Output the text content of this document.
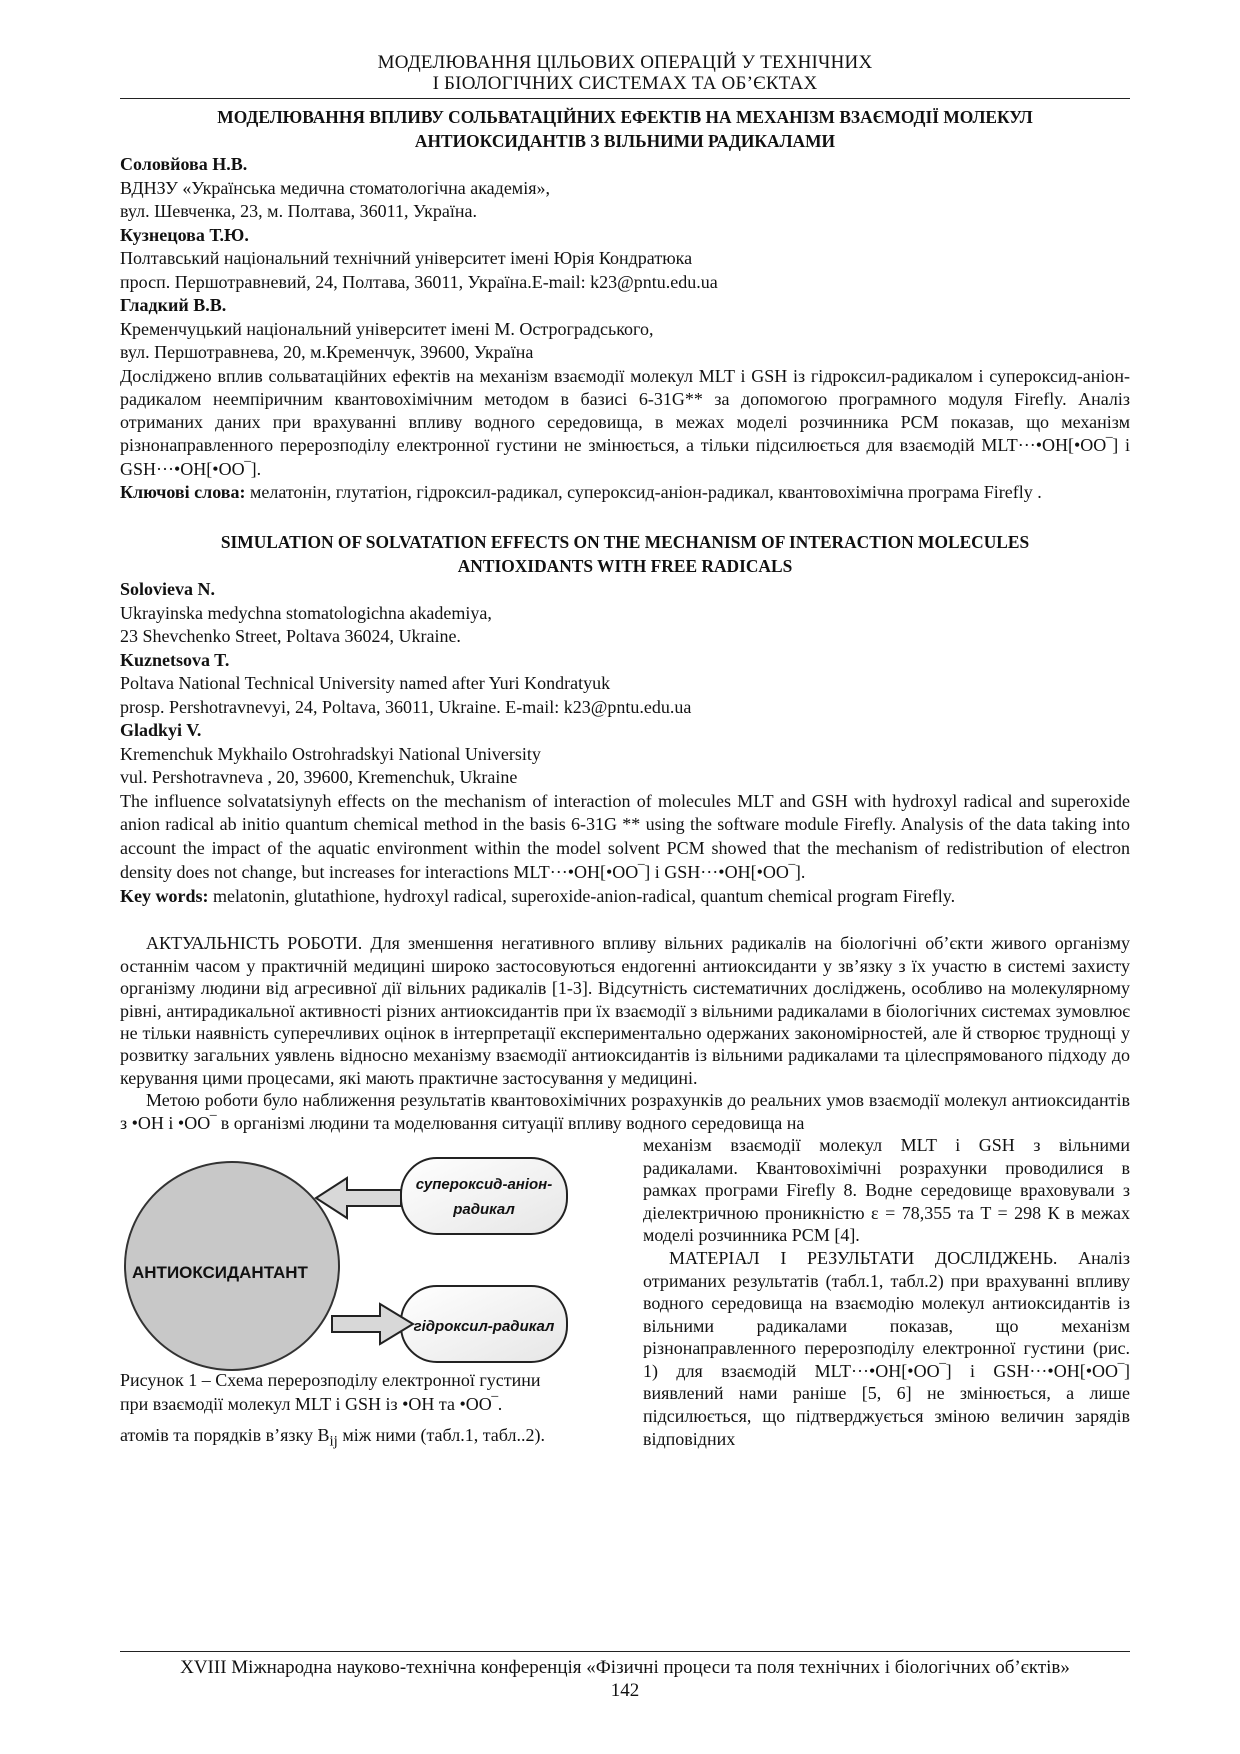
МОДЕЛЮВАННЯ ЦІЛЬОВИХ ОПЕРАЦІЙ У ТЕХНІЧНИХ
І БІОЛОГІЧНИХ СИСТЕМАХ ТА ОБ’ЄКТАХ
МОДЕЛЮВАННЯ ВПЛИВУ СОЛЬВАТАЦІЙНИХ ЕФЕКТІВ НА МЕХАНІЗМ ВЗАЄМОДІЇ МОЛЕКУЛ
АНТИОКСИДАНТІВ З ВІЛЬНИМИ РАДИКАЛАМИ
Соловйова Н.В.
ВДНЗУ «Українська медична стоматологічна академія»,
вул. Шевченка, 23, м. Полтава, 36011, Україна.
Кузнецова Т.Ю.
Полтавський національний технічний університет імені Юрія Кондратюка
просп. Першотравневий, 24, Полтава, 36011, Україна.E-mail: k23@pntu.edu.ua
Гладкий В.В.
Кременчуцький національний університет імені М. Остроградського,
вул. Першотравнева, 20, м.Кременчук, 39600, Україна
Досліджено вплив сольватаційних ефектів на механізм взаємодії молекул MLT і GSH із гідроксил-радикалом і супероксид-аніон-радикалом неемпіричним квантовохімічним методом в базисі 6-31G** за допомогою програмного модуля Firefly. Аналіз отриманих даних при врахуванні впливу водного середовища, в межах моделі розчинника PCM показав, що механізм різнонаправленного перерозподілу електронної густини не змінюється, а тільки підсилюється для взаємодій MLT···•OH[•OO‾] і GSH···•OH[•OO‾].
Ключові слова: мелатонін, глутатіон, гідроксил-радикал, супероксид-аніон-радикал, квантовохімічна програма Firefly .
SIMULATION OF SOLVATATION EFFECTS ON THE MECHANISM OF INTERACTION MOLECULES
ANTIOXIDANTS WITH FREE RADICALS
Solovieva N.
Ukrayinska medychna stomatologichna akademiya,
23 Shevchenko Street, Poltava 36024, Ukraine.
Kuznetsova T.
Poltava National Technical University named after Yuri Kondratyuk
prosp. Pershotravnevyi, 24, Poltava, 36011, Ukraine. E-mail: k23@pntu.edu.ua
Gladkyi V.
Kremenchuk Mykhailo Ostrohradskyi National University
vul. Pershotravneva , 20, 39600, Kremenchuk, Ukraine
The influence solvatatsiynyh effects on the mechanism of interaction of molecules MLT and GSH with hydroxyl radical and superoxide anion radical ab initio quantum chemical method in the basis 6-31G ** using the software module Firefly. Analysis of the data taking into account the impact of the aquatic environment within the model solvent PCM showed that the mechanism of redistribution of electron density does not change, but increases for interactions MLT···•OH[•OO‾] і GSH···•OH[•OO‾].
Key words: melatonin, glutathione, hydroxyl radical, superoxide-anion-radical, quantum chemical program Firefly.
АКТУАЛЬНІСТЬ РОБОТИ. Для зменшення негативного впливу вільних радикалів на біологічні об’єкти живого організму останнім часом у практичній медицині широко застосовуються ендогенні антиоксиданти у зв’язку з їх участю в системі захисту організму людини від агресивної дії вільних радикалів [1-3]. Відсутність систематичних досліджень, особливо на молекулярному рівні, антирадикальної активності різних антиоксидантів при їх взаємодії з вільними радикалами в біологічних системах зумовлює не тільки наявність суперечливих оцінок в інтерпретації експериментально одержаних закономірностей, але й створює труднощі у розвитку загальних уявлень відносно механізму взаємодії антиоксидантів із вільними радикалами та цілеспрямованого підходу до керування цими процесами, які мають практичне застосування у медицині.
Метою роботи було наближення результатів квантовохімічних розрахунків до реальних умов взаємодії молекул антиоксидантів з •OH і •OO‾ в організмі людини та моделювання ситуації впливу водного середовища на
АНТИОКСИДАНТАНТ
супероксид-аніон-
радикал
гідроксил-радикал
Рисунок 1 – Схема перерозподілу електронної густини
при взаємодії молекул MLT і GSH із •OH та •OO‾.
механізм взаємодії молекул MLT і GSH з вільними радикалами. Квантовохімічні розрахунки проводилися в рамках програми Firefly 8. Водне середовище враховували з діелектричною проникністю ε = 78,355 та T = 298 К в межах моделі розчинника PCM [4].
МАТЕРІАЛ І РЕЗУЛЬТАТИ ДОСЛІДЖЕНЬ. Аналіз отриманих результатів (табл.1, табл.2) при врахуванні впливу водного середовища на взаємодію молекул антиоксидантів із вільними радикалами показав, що механізм різнонаправленного перерозподілу електронної густини (рис. 1) для взаємодій MLT···•OH[•OO‾] і GSH···•OH[•OO‾] виявлений нами раніше [5, 6] не змінюється, а лише підсилюється, що підтверджується зміною величин зарядів відповідних
атомів та порядків в’язку $B_{ij}$ між ними (табл.1, табл..2).
XVIII Міжнародна науково-технічна конференція «Фізичні процеси та поля технічних і біологічних об’єктів»
142
